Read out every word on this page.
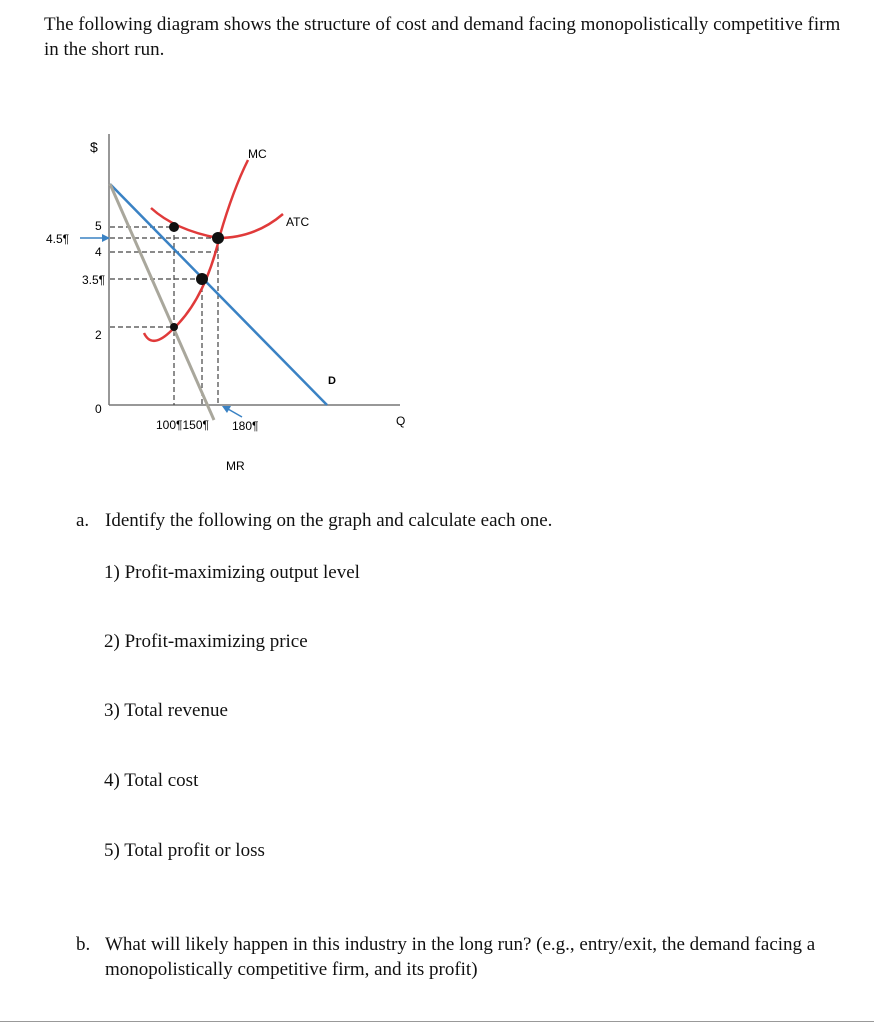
The following diagram shows the structure of cost and demand facing monopolistically competitive firm in the short run.
$
Q
5
4.5¶
4
3.5¶
2
0
100¶150¶ 180¶
MC
ATC
D
MR
a. Identify the following on the graph and calculate each one.
1) Profit-maximizing output level
2) Profit-maximizing price
3) Total revenue
4) Total cost
5) Total profit or loss
b. What will likely happen in this industry in the long run? (e.g., entry/exit, the demand facing a monopolistically competitive firm, and its profit)
